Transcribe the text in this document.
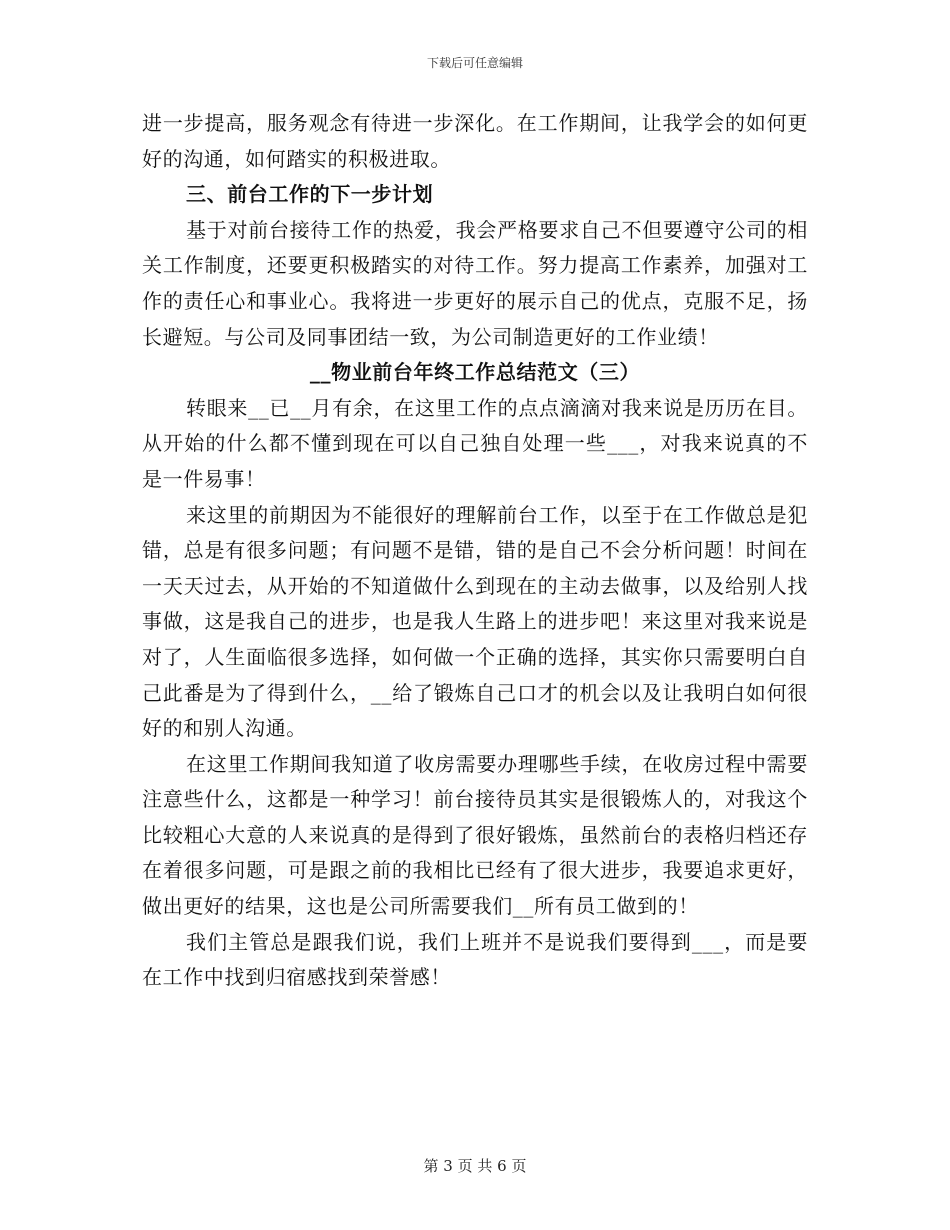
下载后可任意编辑

进一步提高，服务观念有待进一步深化。在工作期间，让我学会的如何更好的沟通，如何踏实的积极进取。

三、前台工作的下一步计划

基于对前台接待工作的热爱，我会严格要求自己不但要遵守公司的相关工作制度，还要更积极踏实的对待工作。努力提高工作素养，加强对工作的责任心和事业心。我将进一步更好的展示自己的优点，克服不足，扬长避短。与公司及同事团结一致，为公司制造更好的工作业绩！

__物业前台年终工作总结范文（三）

转眼来__已__月有余，在这里工作的点点滴滴对我来说是历历在目。从开始的什么都不懂到现在可以自己独自处理一些___，对我来说真的不是一件易事！

来这里的前期因为不能很好的理解前台工作，以至于在工作做总是犯错，总是有很多问题；有问题不是错，错的是自己不会分析问题！时间在一天天过去，从开始的不知道做什么到现在的主动去做事，以及给别人找事做，这是我自己的进步，也是我人生路上的进步吧！来这里对我来说是对了，人生面临很多选择，如何做一个正确的选择，其实你只需要明白自己此番是为了得到什么，__给了锻炼自己口才的机会以及让我明白如何很好的和别人沟通。

在这里工作期间我知道了收房需要办理哪些手续，在收房过程中需要注意些什么，这都是一种学习！前台接待员其实是很锻炼人的，对我这个比较粗心大意的人来说真的是得到了很好锻炼，虽然前台的表格归档还存在着很多问题，可是跟之前的我相比已经有了很大进步，我要追求更好，做出更好的结果，这也是公司所需要我们__所有员工做到的！

我们主管总是跟我们说，我们上班并不是说我们要得到___，而是要在工作中找到归宿感找到荣誉感！

第 3 页 共 6 页
